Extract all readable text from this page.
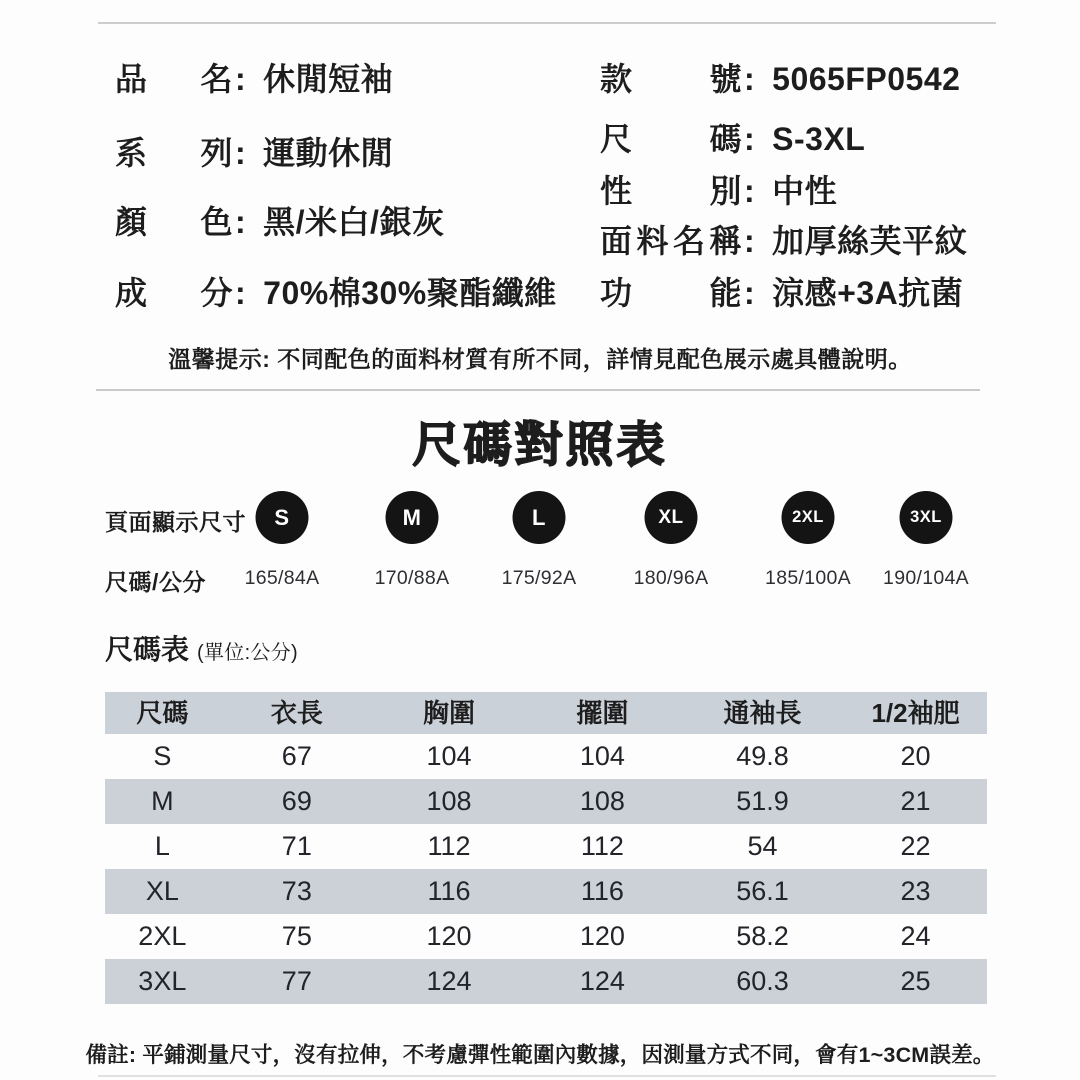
品名 : 休閒短袖
系列 : 運動休閒
顏色 : 黑/米白/銀灰
成分 : 70%棉30%聚酯纖維
款號 : 5065FP0542
尺碼 : S-3XL
性別 : 中性
面料名稱 : 加厚絲芙平紋
功能 : 涼感+3A抗菌
溫馨提示: 不同配色的面料材質有所不同，詳情見配色展示處具體說明。
尺碼對照表
頁面顯示尺寸
尺碼/公分
S	M	L	XL	2XL	3XL
165/84A	170/88A	175/92A	180/96A	185/100A 190/104A
尺碼表 (單位:公分)
尺碼	衣長	胸圍	擺圍	通袖長	1/2袖肥
S	67	104	104	49.8	20
M	69	108	108	51.9	21
L	71	112	112	54	22
XL	73	116	116	56.1	23
2XL	75	120	120	58.2	24
3XL	77	124	124	60.3	25
備註: 平鋪測量尺寸，沒有拉伸，不考慮彈性範圍內數據，因測量方式不同，會有1~3CM誤差。
